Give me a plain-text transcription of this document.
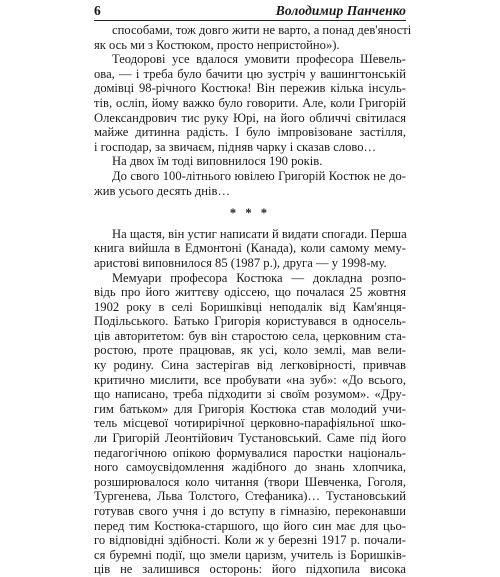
6	Володимир Панченко
способами, тож довго жити не варто, а понад дев'яності
як ось ми з Костюком, просто непристойно»).
Теодорові усе вдалося умовити професора Шевель-
ова, — і треба було бачити цю зустріч у вашингтонській
домівці 98-річного Костюка! Він пережив кілька інсуль-
тів, осліп, йому важко було говорити. Але, коли Григорій
Олександрович тис руку Юрі, на його обличчі світилася
майже дитинна радість. І було імпровізоване застілля,
і господар, за звичаєм, підняв чарку і сказав слово…
На двох їм тоді виповнилося 190 років.
До свого 100-літнього ювілею Григорій Костюк не до-
жив усього десять днів…
* * *
На щастя, він устиг написати й видати спогади. Перша
книга вийшла в Едмонтоні (Канада), коли самому мему-
аристові виповнилося 85 (1987 р.), друга — у 1998-му.
Мемуари професора Костюка — докладна розпо-
відь про його життєву одіссею, що почалася 25 жовтня
1902 року в селі Боришківці неподалік від Кам'янця-
Подільського. Батько Григорія користувався в односель-
ців авторитетом: був він старостою села, церковним ста-
ростою, проте працював, як усі, коло землі, мав вели-
ку родину. Сина застерігав від легковірності, привчав
критично мислити, все пробувати «на зуб»: «До всього,
що написано, треба підходити зі своїм розумом». «Дру-
гим батьком» для Григорія Костюка став молодий учи-
тель місцевої чотирирічної церковно-парафіяльної шко-
ли Григорій Леонтійович Тустановський. Саме під його
педагогічною опікою формувалися паростки національ-
ного самоусвідомлення жадібного до знань хлопчика,
розширювалося коло читання (твори Шевченка, Гоголя,
Тургенева, Льва Толстого, Стефаника)… Тустановський
готував свого учня і до вступу в гімназію, переконавши
перед тим Костюка-старшого, що його син має для цьо-
го відповідні здібності. Коли ж у березні 1917 р. почали-
ся буремні події, що змели царизм, учитель із Боришків-
ців не залишився осторонь: його підхопила висока
